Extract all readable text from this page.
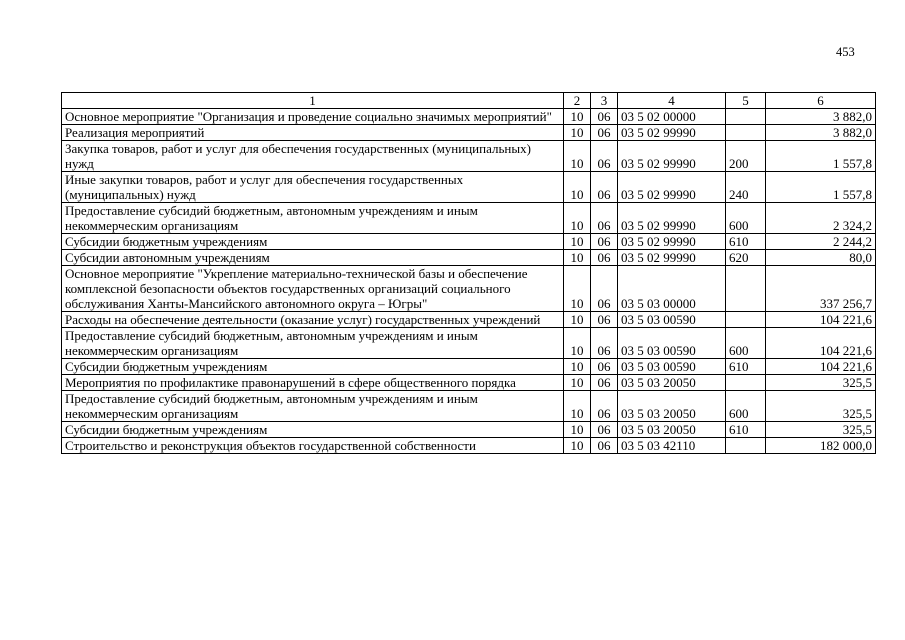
453
1	2	3	4	5	6
Основное мероприятие "Организация и проведение социально значимых мероприятий"	10	06	03 5 02 00000		3 882,0
Реализация мероприятий	10	06	03 5 02 99990		3 882,0
Закупка товаров, работ и услуг для обеспечения государственных (муниципальных) нужд	10	06	03 5 02 99990	200	1 557,8
Иные закупки товаров, работ и услуг для обеспечения государственных (муниципальных) нужд	10	06	03 5 02 99990	240	1 557,8
Предоставление субсидий бюджетным, автономным учреждениям и иным некоммерческим организациям	10	06	03 5 02 99990	600	2 324,2
Субсидии бюджетным учреждениям	10	06	03 5 02 99990	610	2 244,2
Субсидии автономным учреждениям	10	06	03 5 02 99990	620	80,0
Основное мероприятие "Укрепление материально-технической базы и обеспечение комплексной безопасности объектов государственных организаций социального обслуживания Ханты-Мансийского автономного округа – Югры"	10	06	03 5 03 00000		337 256,7
Расходы на обеспечение деятельности (оказание услуг) государственных учреждений	10	06	03 5 03 00590		104 221,6
Предоставление субсидий бюджетным, автономным учреждениям и иным некоммерческим организациям	10	06	03 5 03 00590	600	104 221,6
Субсидии бюджетным учреждениям	10	06	03 5 03 00590	610	104 221,6
Мероприятия по профилактике правонарушений в сфере общественного порядка	10	06	03 5 03 20050		325,5
Предоставление субсидий бюджетным, автономным учреждениям и иным некоммерческим организациям	10	06	03 5 03 20050	600	325,5
Субсидии бюджетным учреждениям	10	06	03 5 03 20050	610	325,5
Строительство и реконструкция объектов государственной собственности	10	06	03 5 03 42110		182 000,0
